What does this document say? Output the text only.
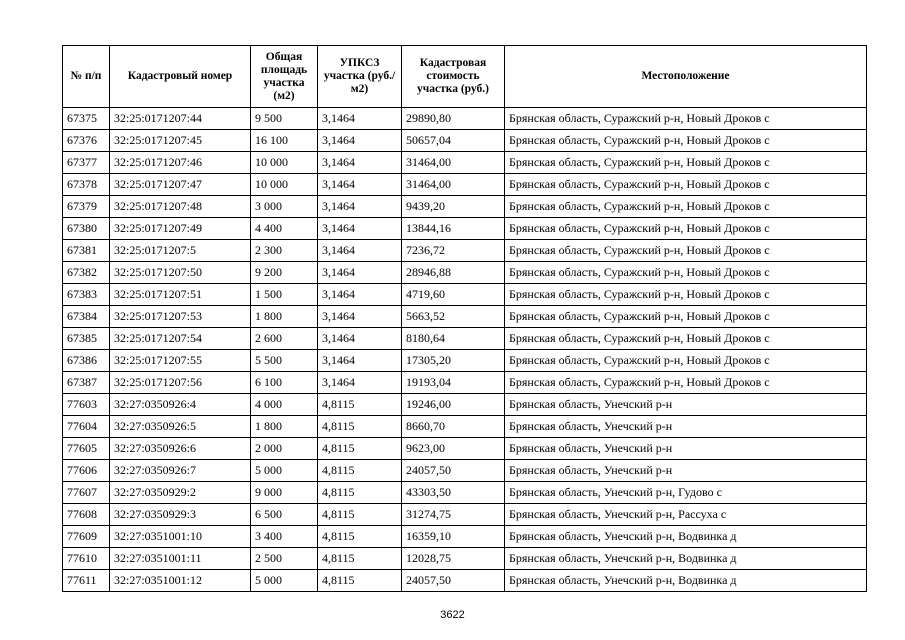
№ п/п	Кадастровый номер	Общая площадь участка (м2)	УПКСЗ участка (руб./м2)	Кадастровая стоимость участка (руб.)	Местоположение
67375	32:25:0171207:44	9 500	3,1464	29890,80	Брянская область, Суражский р-н, Новый Дроков с
67376	32:25:0171207:45	16 100	3,1464	50657,04	Брянская область, Суражский р-н, Новый Дроков с
67377	32:25:0171207:46	10 000	3,1464	31464,00	Брянская область, Суражский р-н, Новый Дроков с
67378	32:25:0171207:47	10 000	3,1464	31464,00	Брянская область, Суражский р-н, Новый Дроков с
67379	32:25:0171207:48	3 000	3,1464	9439,20	Брянская область, Суражский р-н, Новый Дроков с
67380	32:25:0171207:49	4 400	3,1464	13844,16	Брянская область, Суражский р-н, Новый Дроков с
67381	32:25:0171207:5	2 300	3,1464	7236,72	Брянская область, Суражский р-н, Новый Дроков с
67382	32:25:0171207:50	9 200	3,1464	28946,88	Брянская область, Суражский р-н, Новый Дроков с
67383	32:25:0171207:51	1 500	3,1464	4719,60	Брянская область, Суражский р-н, Новый Дроков с
67384	32:25:0171207:53	1 800	3,1464	5663,52	Брянская область, Суражский р-н, Новый Дроков с
67385	32:25:0171207:54	2 600	3,1464	8180,64	Брянская область, Суражский р-н, Новый Дроков с
67386	32:25:0171207:55	5 500	3,1464	17305,20	Брянская область, Суражский р-н, Новый Дроков с
67387	32:25:0171207:56	6 100	3,1464	19193,04	Брянская область, Суражский р-н, Новый Дроков с
77603	32:27:0350926:4	4 000	4,8115	19246,00	Брянская область, Унечский р-н
77604	32:27:0350926:5	1 800	4,8115	8660,70	Брянская область, Унечский р-н
77605	32:27:0350926:6	2 000	4,8115	9623,00	Брянская область, Унечский р-н
77606	32:27:0350926:7	5 000	4,8115	24057,50	Брянская область, Унечский р-н
77607	32:27:0350929:2	9 000	4,8115	43303,50	Брянская область, Унечский р-н, Гудово с
77608	32:27:0350929:3	6 500	4,8115	31274,75	Брянская область, Унечский р-н, Рассуха с
77609	32:27:0351001:10	3 400	4,8115	16359,10	Брянская область, Унечский р-н, Водвинка д
77610	32:27:0351001:11	2 500	4,8115	12028,75	Брянская область, Унечский р-н, Водвинка д
77611	32:27:0351001:12	5 000	4,8115	24057,50	Брянская область, Унечский р-н, Водвинка д
3622
